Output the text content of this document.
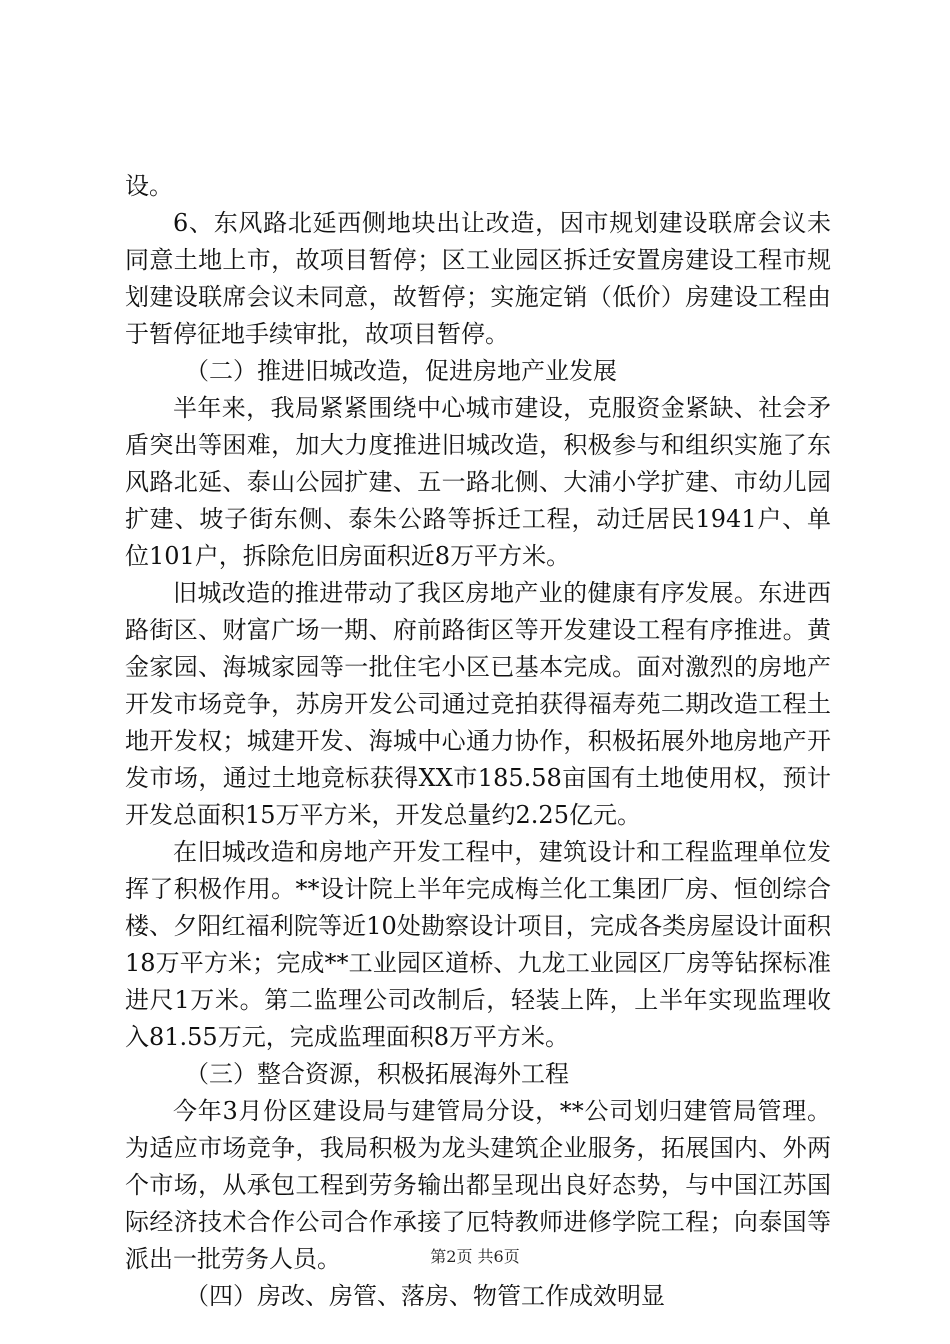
设。

6、东风路北延西侧地块出让改造，因市规划建设联席会议未同意土地上市，故项目暂停；区工业园区拆迁安置房建设工程市规划建设联席会议未同意，故暂停；实施定销（低价）房建设工程由于暂停征地手续审批，故项目暂停。

（二）推进旧城改造，促进房地产业发展

半年来，我局紧紧围绕中心城市建设，克服资金紧缺、社会矛盾突出等困难，加大力度推进旧城改造，积极参与和组织实施了东风路北延、泰山公园扩建、五一路北侧、大浦小学扩建、市幼儿园扩建、坡子街东侧、泰朱公路等拆迁工程，动迁居民1941户、单位101户，拆除危旧房面积近8万平方米。

旧城改造的推进带动了我区房地产业的健康有序发展。东进西路街区、财富广场一期、府前路街区等开发建设工程有序推进。黄金家园、海城家园等一批住宅小区已基本完成。面对激烈的房地产开发市场竞争，苏房开发公司通过竞拍获得福寿苑二期改造工程土地开发权；城建开发、海城中心通力协作，积极拓展外地房地产开发市场，通过土地竞标获得XX市185.58亩国有土地使用权，预计开发总面积15万平方米，开发总量约2.25亿元。

在旧城改造和房地产开发工程中，建筑设计和工程监理单位发挥了积极作用。**设计院上半年完成梅兰化工集团厂房、恒创综合楼、夕阳红福利院等近10处勘察设计项目，完成各类房屋设计面积18万平方米；完成**工业园区道桥、九龙工业园区厂房等钻探标准进尺1万米。第二监理公司改制后，轻装上阵，上半年实现监理收入81.55万元，完成监理面积8万平方米。

（三）整合资源，积极拓展海外工程

今年3月份区建设局与建管局分设，**公司划归建管局管理。为适应市场竞争，我局积极为龙头建筑企业服务，拓展国内、外两个市场，从承包工程到劳务输出都呈现出良好态势，与中国江苏国际经济技术合作公司合作承接了厄特教师进修学院工程；向泰国等派出一批劳务人员。

（四）房改、房管、落房、物管工作成效明显

第2页 共6页
